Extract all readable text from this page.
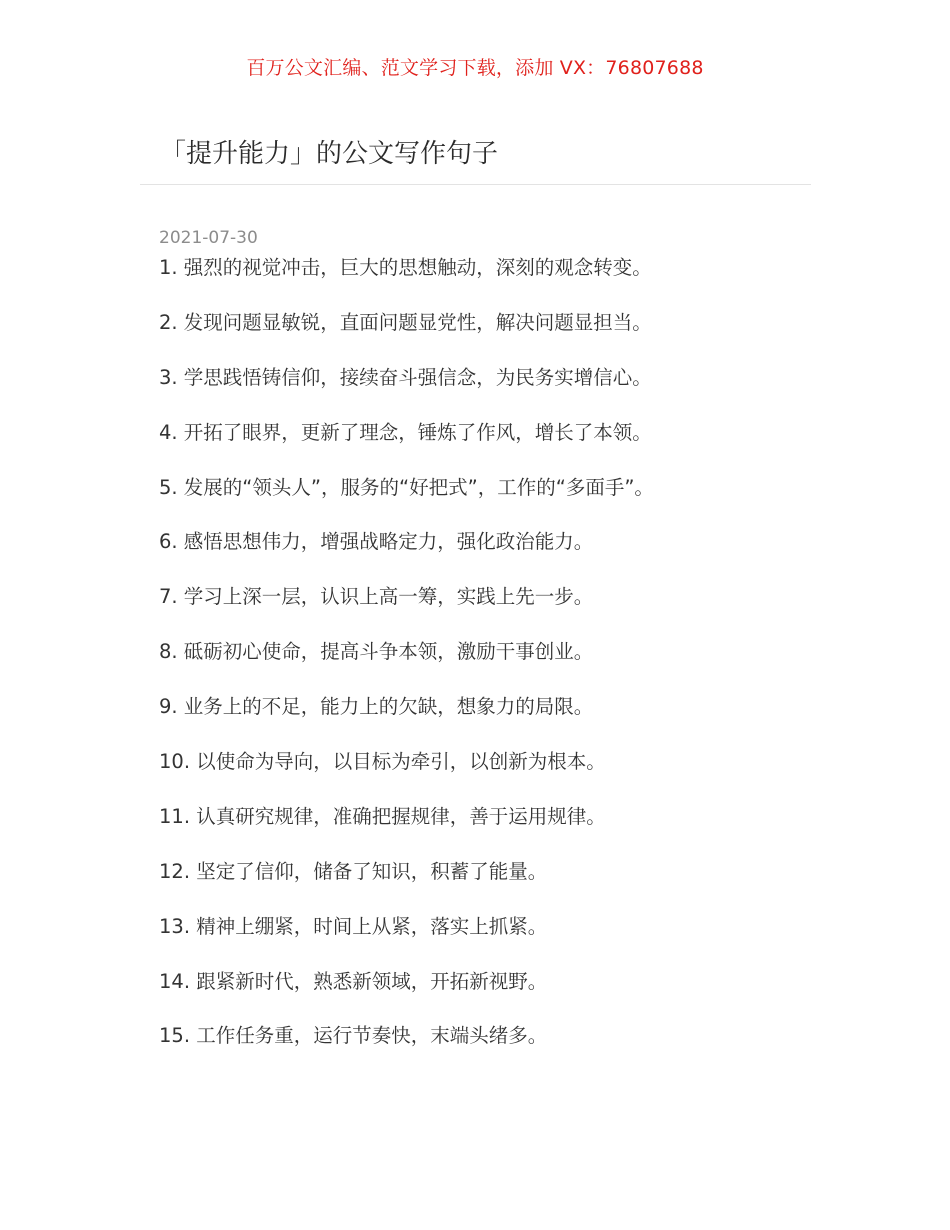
百万公文汇编、范文学习下载，添加 VX：76807688
「提升能力」的公文写作句子
2021-07-30
1. 强烈的视觉冲击，巨大的思想触动，深刻的观念转变。
2. 发现问题显敏锐，直面问题显党性，解决问题显担当。
3. 学思践悟铸信仰，接续奋斗强信念，为民务实增信心。
4. 开拓了眼界，更新了理念，锤炼了作风，增长了本领。
5. 发展的“领头人”，服务的“好把式”，工作的“多面手”。
6. 感悟思想伟力，增强战略定力，强化政治能力。
7. 学习上深一层，认识上高一筹，实践上先一步。
8. 砥砺初心使命，提高斗争本领，激励干事创业。
9. 业务上的不足，能力上的欠缺，想象力的局限。
10. 以使命为导向，以目标为牵引，以创新为根本。
11. 认真研究规律，准确把握规律，善于运用规律。
12. 坚定了信仰，储备了知识，积蓄了能量。
13. 精神上绷紧，时间上从紧，落实上抓紧。
14. 跟紧新时代，熟悉新领域，开拓新视野。
15. 工作任务重，运行节奏快，末端头绪多。
